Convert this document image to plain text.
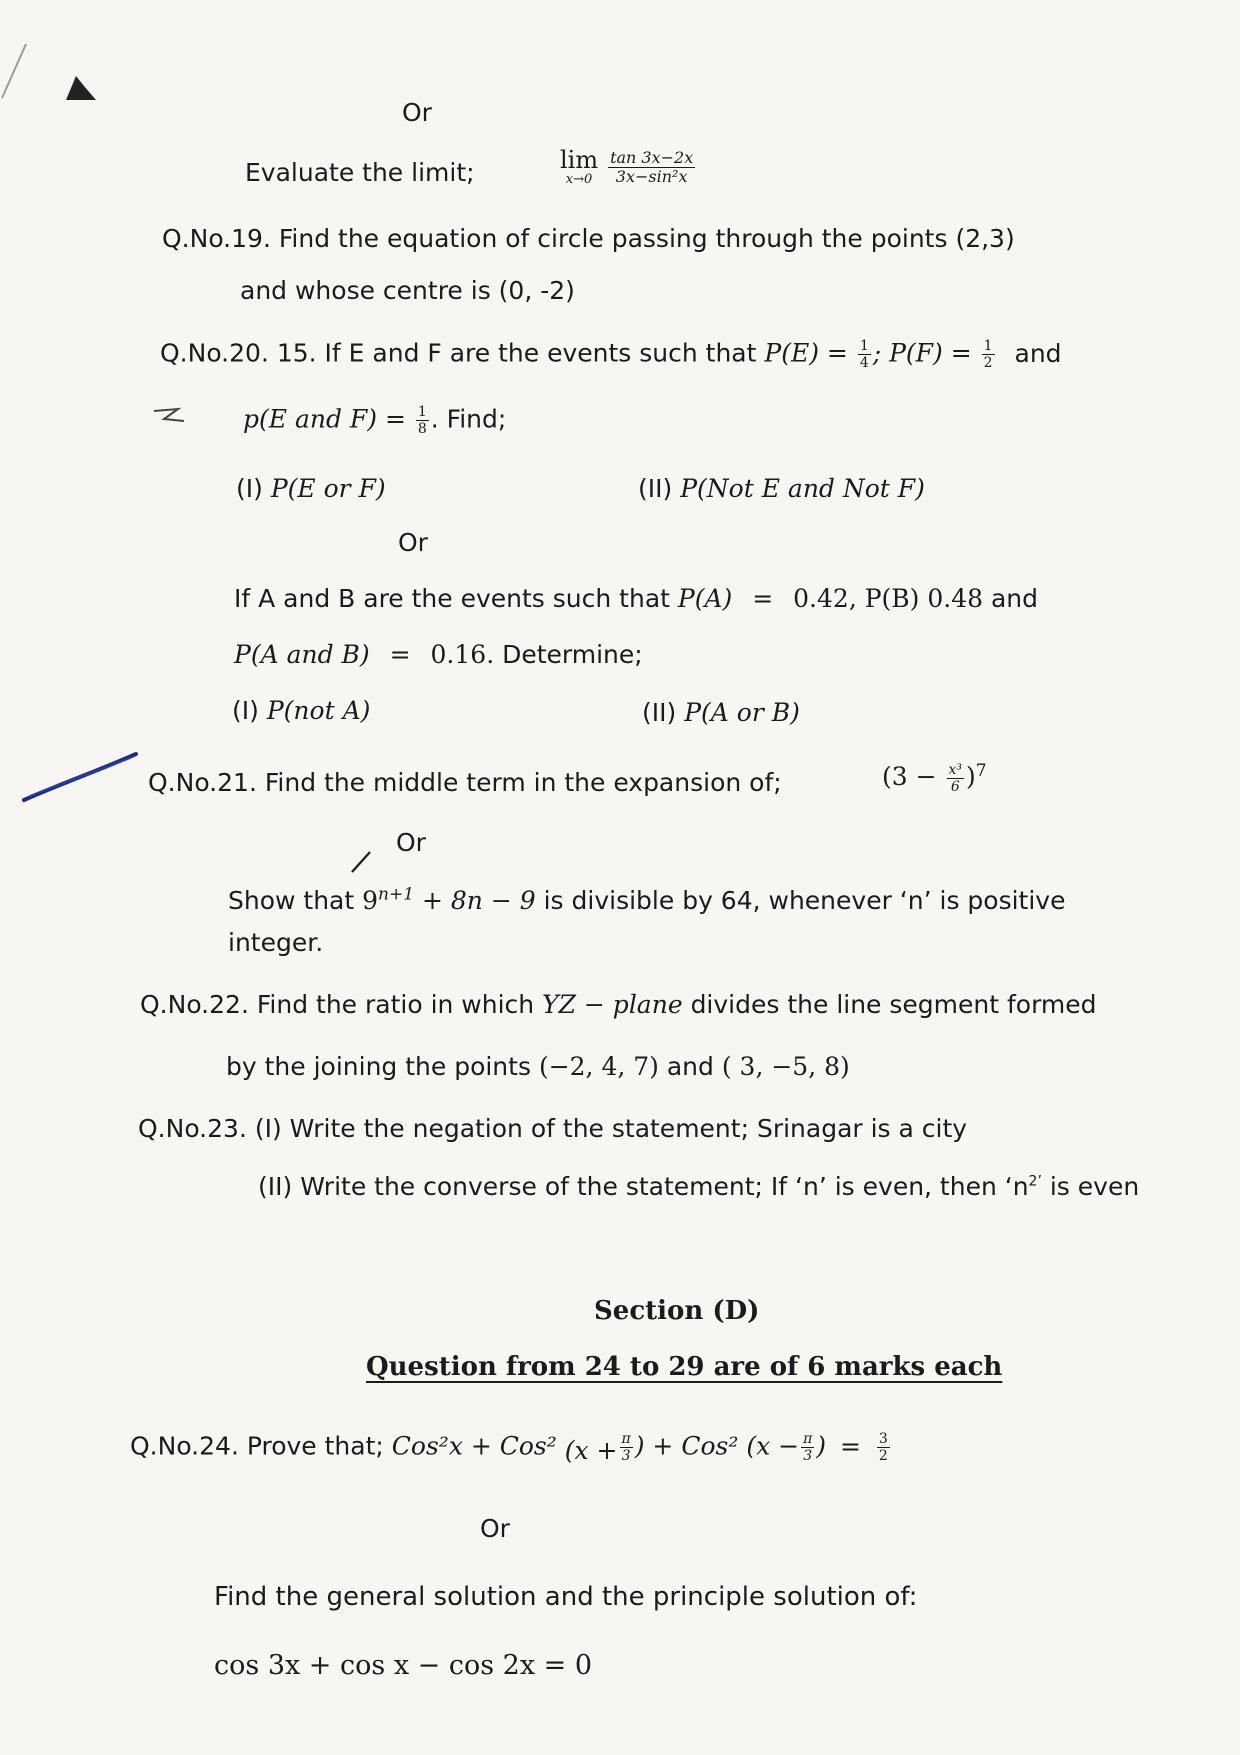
Or
Evaluate the limit;	lim
x→0
$\frac{\tan 3x-2x}{\text{3x−sin²x}}$
Q.No.19. Find the equation of circle passing through the points (2,3)
and whose centre is (0, -2)
Q.No.20. 15. If E and F are the events such that $P(E) = \frac{1}{4}$ ; $P(F) = \frac{1}{2}$ and
p(E and $F) = \frac{1}{8}$ . Find;
(I) P(E or F)	(II) P(Not E and Not F)
Or
If A and B are the events such that P(A) = 0.42, P(B) 0.48 and
P(A and B) = 0.16. Determine;
(I) P(not A)	(II) P(A or B)
Q.No.21. Find the middle term in the expansion of;	$(3 - \frac{\text{x³}}{6} )^7$
Or
Show that $9^{n+1} + 8n - 9$ is divisible by 64, whenever ‘n’ is positive
integer.
Q.No.22. Find the ratio in which YZ − plane divides the line segment formed
by the joining the points (−2, 4, 7) and ( 3, −5, 8)
Q.No.23. (I) Write the negation of the statement; Srinagar is a city
(II) Write the converse of the statement; If ‘n’ is even, then ‘$n^{2’}$ is even
Section (D)
Question from 24 to 29 are of 6 marks each
Q.No.24. Prove that; Cos²x + Cos² ($x + \frac{\pi}{3}$ ) + Cos² ($x - \frac{\pi}{3}$ ) = $\frac{3}{2}$
Or
Find the general solution and the principle solution of:
cos 3x + cos x − cos 2x = 0
